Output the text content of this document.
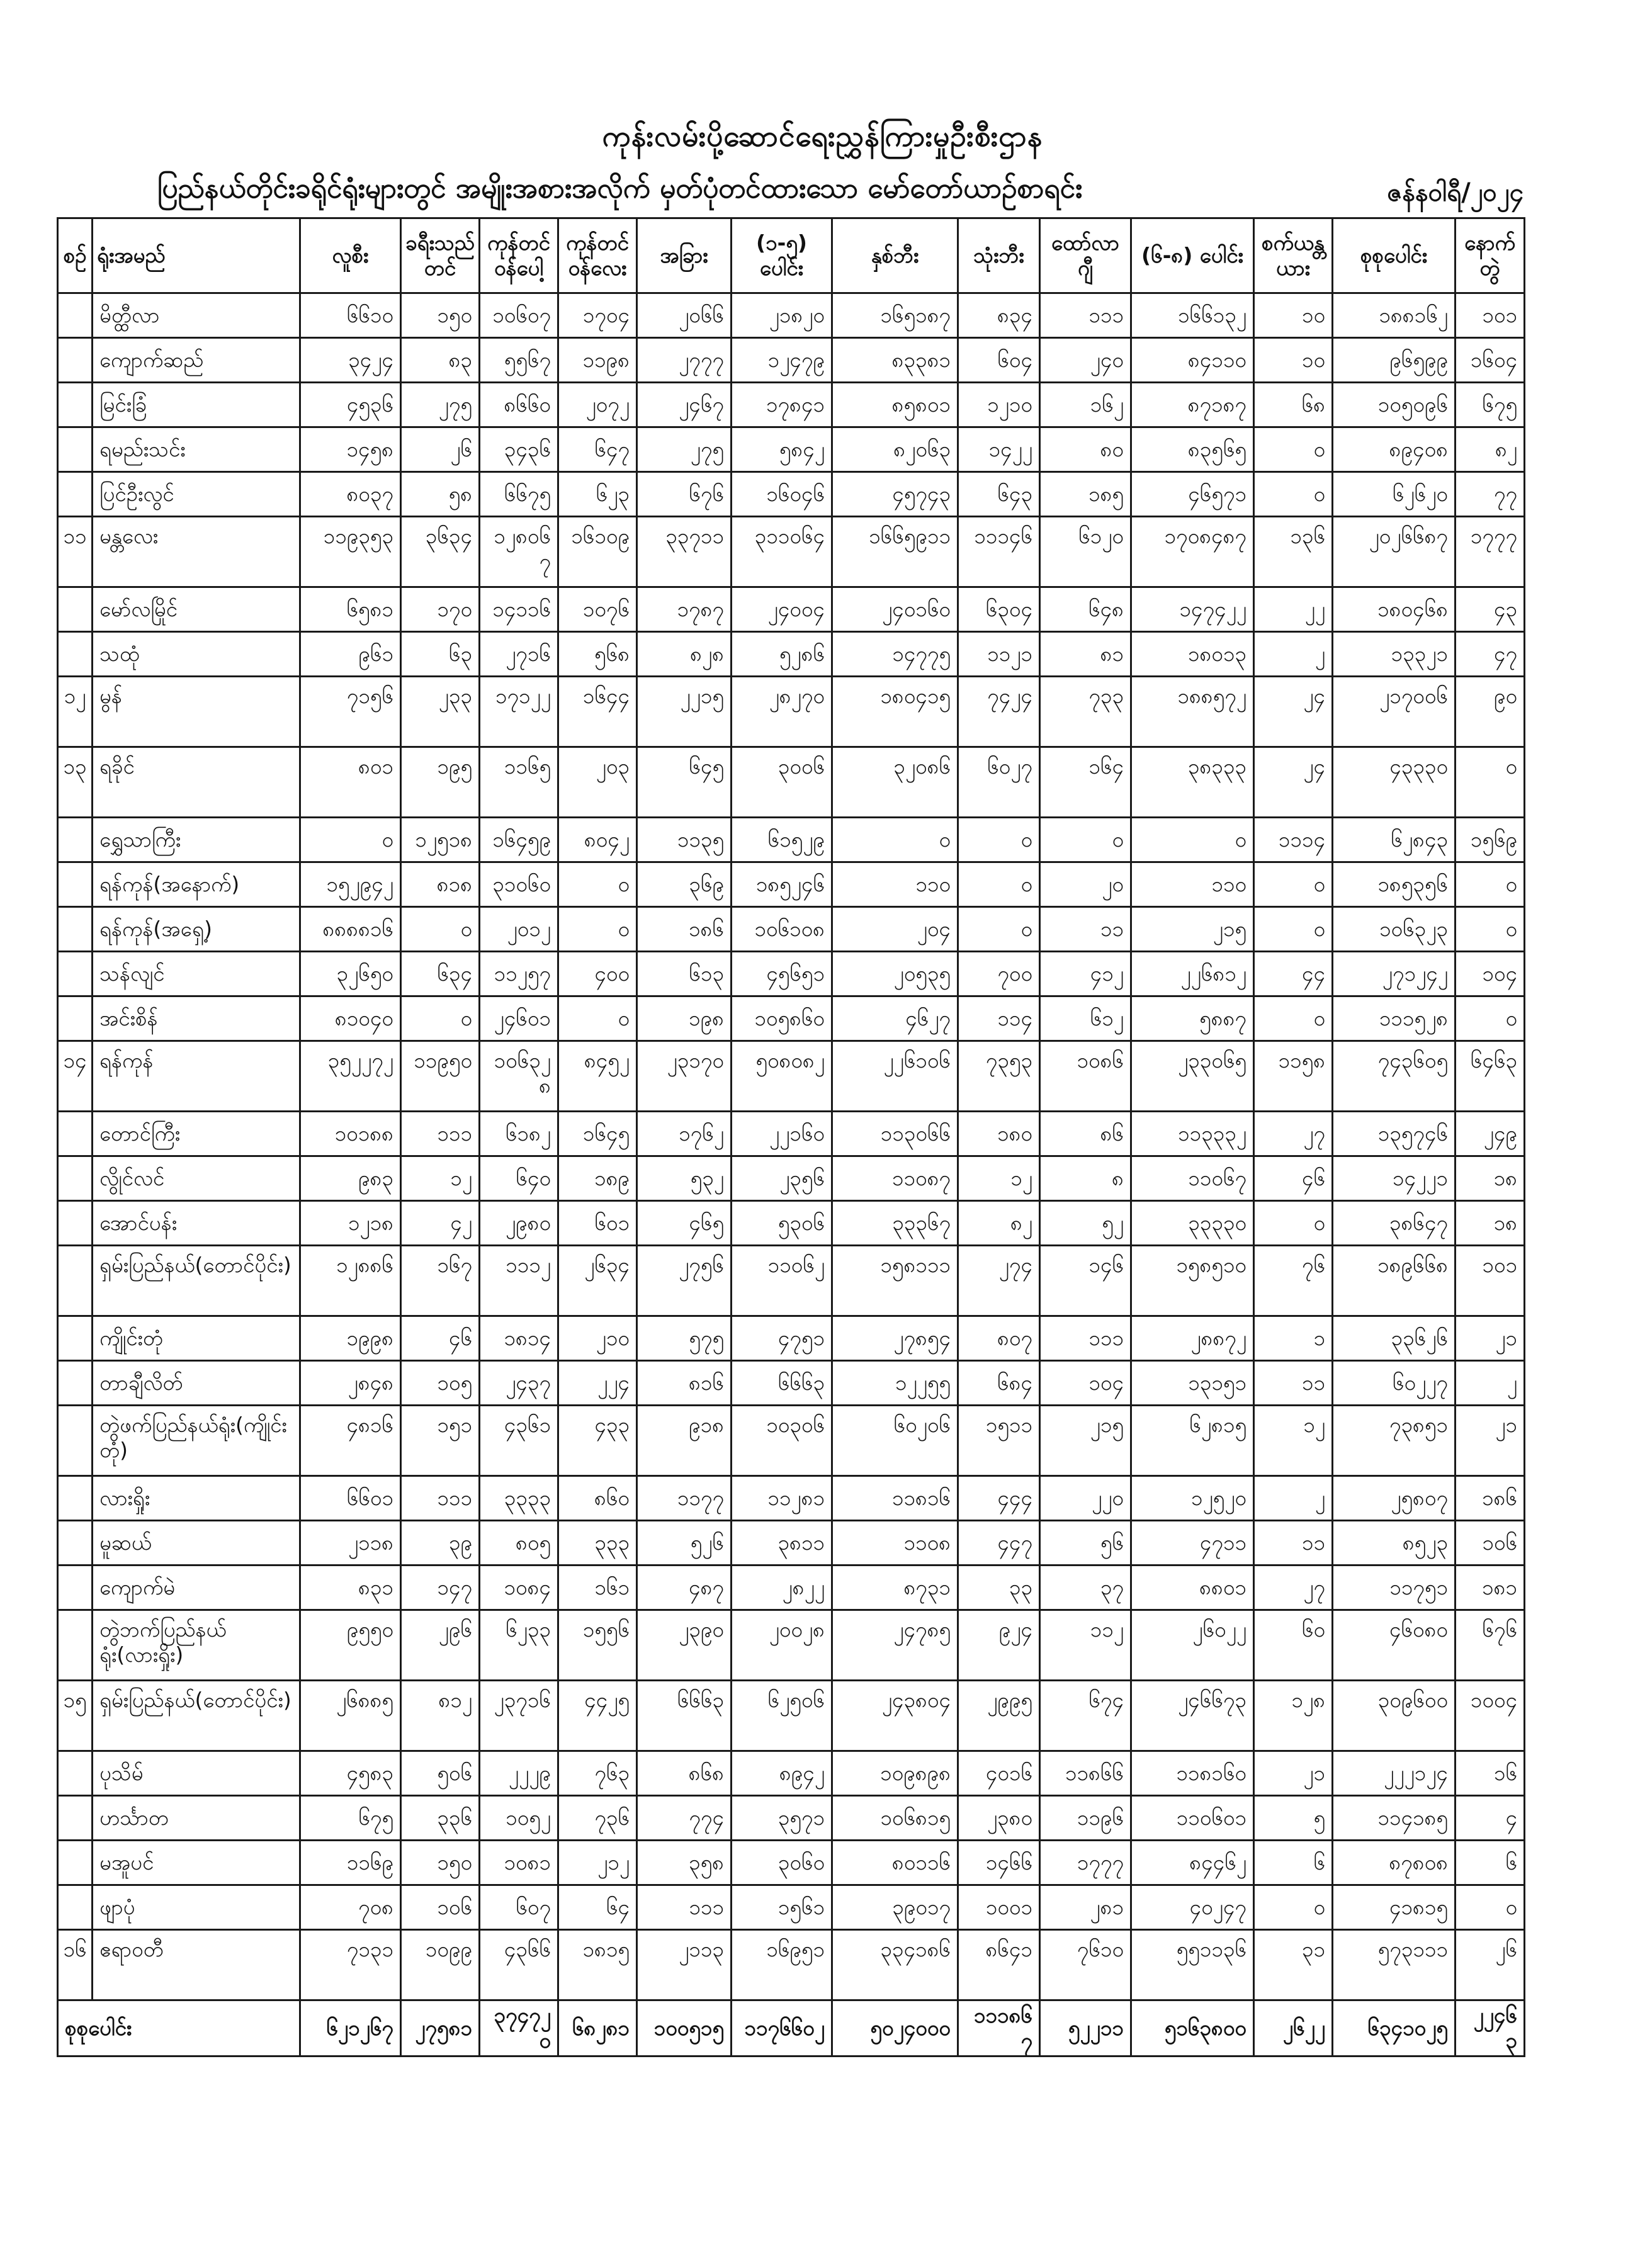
ကုန်းလမ်းပို့ဆောင်ရေးညွှန်ကြားမှုဦးစီးဌာန
ပြည်နယ်တိုင်းခရိုင်ရုံးများတွင် အမျိုးအစားအလိုက် မှတ်ပုံတင်ထားသော မော်တော်ယာဉ်စာရင်း	ဇန်နဝါရီ/၂၀၂၄
စဉ်	ရုံးအမည်	လူစီး	ခရီးသည်တင်	ကုန်တင်ဝန်ပေါ့	ကုန်တင်ဝန်လေး	အခြား	(၁-၅) ပေါင်း	နှစ်ဘီး	သုံးဘီး	ထော်လာဂျီ	(၆-၈) ပေါင်း	စက်ယန္တယား	စုစုပေါင်း	နောက်တွဲ
	မိတ္ထီလာ	၆၆၁၀	၁၅၀	၁၀၆၀၇	၁၇၀၄	၂၀၆၆	၂၁၈၂၀	၁၆၅၁၈၇	၈၃၄	၁၁၁	၁၆၆၁၃၂	၁၀	၁၈၈၁၆၂	၁၀၁
	ကျောက်ဆည်	၃၄၂၄	၈၃	၅၅၆၇	၁၁၉၈	၂၇၇၇	၁၂၄၇၉	၈၃၃၈၁	၆၀၄	၂၄၀	၈၄၁၁၀	၁၀	၉၆၅၉၉	၁၆၀၄
	မြင်းခြံ	၄၅၃၆	၂၇၅	၈၆၆၀	၂၀၇၂	၂၄၆၇	၁၇၈၄၁	၈၅၈၀၁	၁၂၁၀	၁၆၂	၈၇၁၈၇	၆၈	၁၀၅၀၉၆	၆၇၅
	ရမည်းသင်း	၁၄၅၈	၂၆	၃၄၃၆	၆၄၇	၂၇၅	၅၈၄၂	၈၂၀၆၃	၁၄၂၂	၈၀	၈၃၅၆၅	၀	၈၉၄၀၈	၈၂
	ပြင်ဦးလွင်	၈၀၃၇	၅၈	၆၆၇၅	၆၂၃	၆၇၆	၁၆၀၄၆	၄၅၇၄၃	၆၄၃	၁၈၅	၄၆၅၇၁	၀	၆၂၆၂၀	၇၇
၁၁	မန္တလေး	၁၁၉၃၅၃	၃၆၃၄	၁၂၈၀၆၇	၁၆၁၀၉	၃၃၇၁၁	၃၁၁၀၆၄	၁၆၆၅၉၁၁	၁၁၁၄၆	၆၁၂၀	၁၇၀၈၄၈၇	၁၃၆	၂၀၂၆၆၈၇	၁၇၇၇
	မော်လမြိုင်	၆၅၈၁	၁၇၀	၁၄၁၁၆	၁၀၇၆	၁၇၈၇	၂၄၀၀၄	၂၄၀၁၆၀	၆၃၀၄	၆၄၈	၁၄၇၄၂၂	၂၂	၁၈၀၄၆၈	၄၃
	သထုံ	၉၆၁	၆၃	၂၇၁၆	၅၆၈	၈၂၈	၅၂၈၆	၁၄၇၇၅	၁၁၂၁	၈၁	၁၈၀၁၃	၂	၁၃၃၂၁	၄၇
၁၂	မွန်	၇၁၅၆	၂၃၃	၁၇၁၂၂	၁၆၄၄	၂၂၁၅	၂၈၂၇၀	၁၈၀၄၁၅	၇၄၂၄	၇၃၃	၁၈၈၅၇၂	၂၄	၂၁၇၀၀၆	၉၀
၁၃	ရခိုင်	၈၀၁	၁၉၅	၁၁၆၅	၂၀၃	၆၄၅	၃၀၀၆	၃၂၀၈၆	၆၀၂၇	၁၆၄	၃၈၃၃၃	၂၄	၄၃၃၃၀	၀
	ရွှေသာကြီး	၀	၁၂၅၁၈	၁၆၄၅၉	၈၀၄၂	၁၁၃၅	၆၁၅၂၉	၀	၀	၀	၀	၁၁၁၄	၆၂၈၄၃	၁၅၆၉
	ရန်ကုန်(အနောက်)	၁၅၂၉၄၂	၈၁၈	၃၁၀၆၀	၀	၃၆၉	၁၈၅၂၄၆	၁၁၀	၀	၂၀	၁၁၀	၀	၁၈၅၃၅၆	၀
	ရန်ကုန်(အရှေ့)	၈၈၈၈၁၆	၀	၂၀၁၂	၀	၁၈၆	၁၀၆၁၀၈	၂၀၄	၀	၁၁	၂၁၅	၀	၁၀၆၃၂၃	၀
	သန်လျင်	၃၂၆၅၀	၆၃၄	၁၁၂၅၇	၄၀၀	၆၁၃	၄၅၆၅၁	၂၀၅၃၅	၇၀၀	၄၁၂	၂၂၆၈၁၂	၄၄	၂၇၁၂၄၂	၁၀၄
	အင်းစိန်	၈၁၀၄၀	၀	၂၄၆၀၁	၀	၁၉၈	၁၀၅၈၆၀	၄၆၂၇	၁၁၄	၆၁၂	၅၈၈၇	၀	၁၁၁၅၂၈	၀
၁၄	ရန်ကုန်	၃၅၂၂၇၂	၁၁၉၅၀	၁၀၆၃၂၈	၈၄၅၂	၂၃၁၇၀	၅၀၈၀၈၂	၂၂၆၁၀၆	၇၃၅၃	၁၀၈၆	၂၃၃၀၆၅	၁၁၅၈	၇၄၃၆၀၅	၆၄၆၃
	တောင်ကြီး	၁၀၁၈၈	၁၁၁	၆၁၈၂	၁၆၄၅	၁၇၆၂	၂၂၁၆၀	၁၁၃၀၆၆	၁၈၀	၈၆	၁၁၃၃၃၂	၂၇	၁၃၅၇၄၆	၂၄၉
	လွိုင်လင်	၉၈၃	၁၂	၆၄၀	၁၈၉	၅၃၂	၂၃၅၆	၁၁၀၈၇	၁၂	၈	၁၁၀၆၇	၄၆	၁၄၂၂၁	၁၈
	အောင်ပန်း	၁၂၁၈	၄၂	၂၉၈၀	၆၀၁	၄၆၅	၅၃၀၆	၃၃၃၆၇	၈၂	၅၂	၃၃၃၃၀	၀	၃၈၆၄၇	၁၈
	ရှမ်းပြည်နယ်(တောင်ပိုင်း)	၁၂၈၈၆	၁၆၇	၁၁၁၂	၂၆၃၄	၂၇၅၆	၁၁၀၆၂	၁၅၈၁၁၁	၂၇၄	၁၄၆	၁၅၈၅၁၀	၇၆	၁၈၉၆၆၈	၁၀၁
	ကျိုင်းတုံ	၁၉၉၈	၄၆	၁၈၁၄	၂၁၀	၅၇၅	၄၇၅၁	၂၇၈၅၄	၈၀၇	၁၁၁	၂၈၈၇၂	၁	၃၃၆၂၆	၂၁
	တာချီလိတ်	၂၈၄၈	၁၀၅	၂၄၃၇	၂၂၄	၈၁၆	၆၆၆၃	၁၂၂၅၅	၆၈၄	၁၀၄	၁၃၁၅၁	၁၁	၆၀၂၂၇	၂
	တွဲဖက်ပြည်နယ်ရုံး(ကျိုင်းတုံ)	၄၈၁၆	၁၅၁	၄၃၆၁	၄၃၃	၉၁၈	၁၀၃၀၆	၆၀၂၀၆	၁၅၁၁	၂၁၅	၆၂၈၁၅	၁၂	၇၃၈၅၁	၂၁
	လားရှိုး	၆၆၀၁	၁၁၁	၃၃၃၃	၈၆၀	၁၁၇၇	၁၁၂၈၁	၁၁၈၁၆	၄၄၄	၂၂၀	၁၂၅၂၀	၂	၂၅၈၀၇	၁၈၆
	မူဆယ်	၂၁၁၈	၃၉	၈၀၅	၃၃၃	၅၂၆	၃၈၁၁	၁၁၀၈	၄၄၇	၅၆	၄၇၁၁	၁၁	၈၅၂၃	၁၀၆
	ကျောက်မဲ	၈၃၁	၁၄၇	၁၀၈၄	၁၆၁	၄၈၇	၂၈၂၂	၈၇၃၁	၃၃	၃၇	၈၈၀၁	၂၇	၁၁၇၅၁	၁၈၁
	တွဲဘက်ပြည်နယ်ရုံး(လားရှိုး)	၉၅၅၀	၂၉၆	၆၂၃၃	၁၅၅၆	၂၃၉၀	၂၀၀၂၈	၂၄၇၈၅	၉၂၄	၁၁၂	၂၆၀၂၂	၆၀	၄၆၀၈၀	၆၇၆
၁၅	ရှမ်းပြည်နယ်(တောင်ပိုင်း)	၂၆၈၈၅	၈၁၂	၂၃၇၁၆	၄၄၂၅	၆၆၆၃	၆၂၅၀၆	၂၄၃၈၀၄	၂၉၉၅	၆၇၄	၂၄၆၆၇၃	၁၂၈	၃၀၉၆၀၀	၁၀၀၄
	ပုသိမ်	၄၅၈၃	၅၀၆	၂၂၂၉	၇၆၃	၈၆၈	၈၉၄၂	၁၀၉၈၉၈	၄၀၁၆	၁၁၈၆၆	၁၁၈၁၆၀	၂၁	၂၂၂၁၂၄	၁၆
	ဟင်္သာတ	၆၇၅	၃၃၆	၁၀၅၂	၇၃၆	၇၇၄	၃၅၇၁	၁၀၆၈၁၅	၂၃၈၀	၁၁၉၆	၁၁၀၆၀၁	၅	၁၁၄၁၈၅	၄
	မအူပင်	၁၁၆၉	၁၅၀	၁၀၈၁	၂၁၂	၃၅၈	၃၀၆၀	၈၀၁၁၆	၁၄၆၆	၁၇၇၇	၈၄၄၆၂	၆	၈၇၈၀၈	၆
	ဖျာပုံ	၇၀၈	၁၀၆	၆၀၇	၆၄	၁၁၁	၁၅၆၁	၃၉၀၁၇	၁၀၀၁	၂၈၁	၄၀၂၄၇	၀	၄၁၈၁၅	၀
၁၆	ဧရာဝတီ	၇၁၃၁	၁၀၉၉	၄၃၆၆	၁၈၁၅	၂၁၁၃	၁၆၉၅၁	၃၃၄၁၈၆	၈၆၄၁	၇၆၁၀	၅၅၁၁၃၆	၃၁	၅၇၃၁၁၁	၂၆
စုစုပေါင်း		၆၂၁၂၆၇	၂၇၅၈၁	၃၇၄၇၂၀	၆၈၂၈၁	၁၀၀၅၁၅	၁၁၇၆၆၀၂	၅၀၂၄၀၀၀	၁၁၁၈၆၇	၅၂၂၁၁	၅၁၆၃၈၀၀	၂၆၂၂	၆၃၄၁၀၂၅	၂၂၄၆၃
